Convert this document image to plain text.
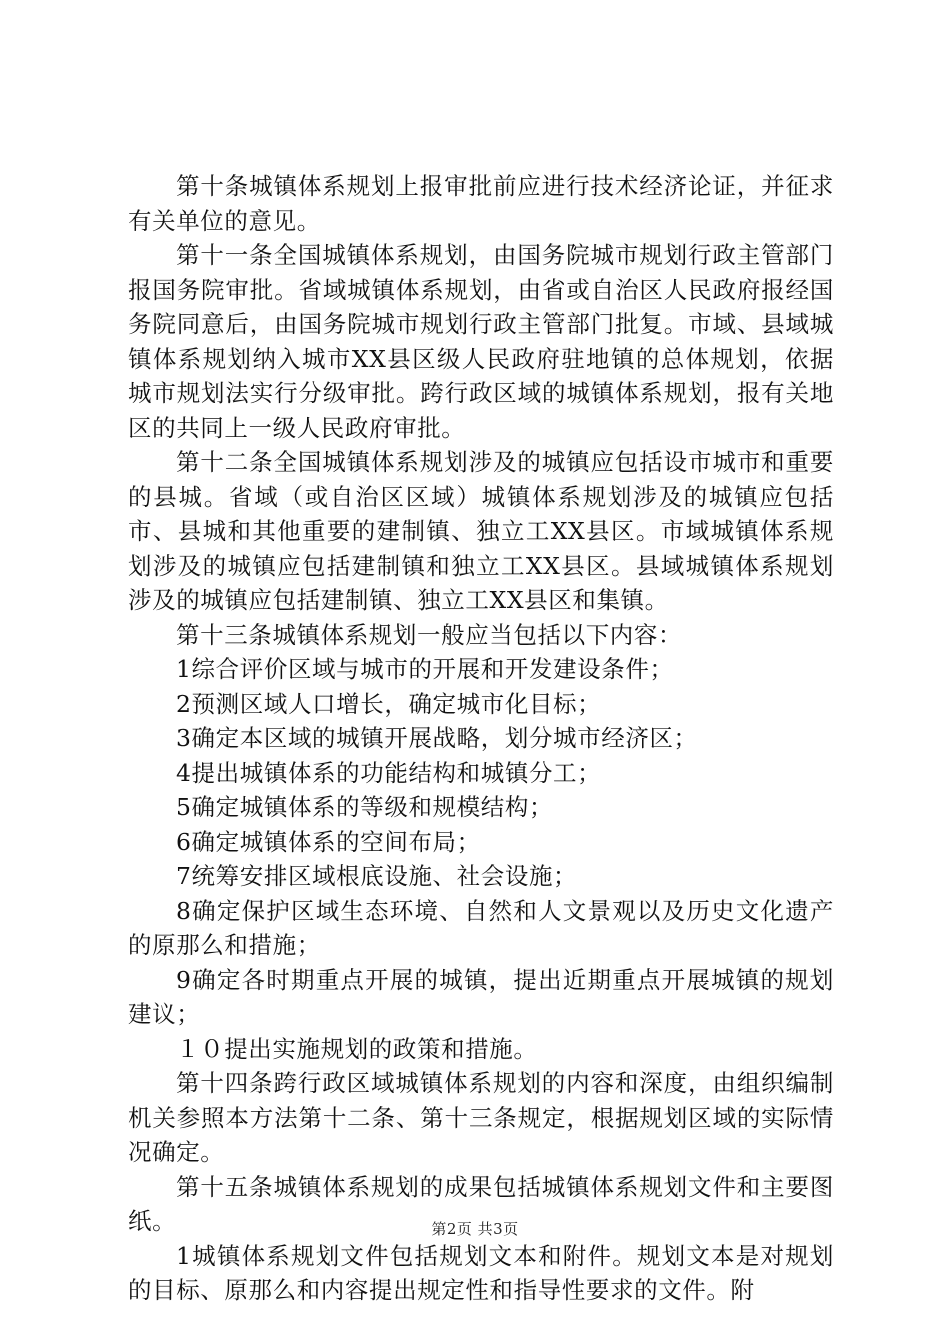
第十条城镇体系规划上报审批前应进行技术经济论证，并征求有关单位的意见。

第十一条全国城镇体系规划，由国务院城市规划行政主管部门报国务院审批。省域城镇体系规划，由省或自治区人民政府报经国务院同意后，由国务院城市规划行政主管部门批复。市域、县域城镇体系规划纳入城市XX县区级人民政府驻地镇的总体规划，依据城市规划法实行分级审批。跨行政区域的城镇体系规划，报有关地区的共同上一级人民政府审批。

第十二条全国城镇体系规划涉及的城镇应包括设市城市和重要的县城。省域（或自治区区域）城镇体系规划涉及的城镇应包括市、县城和其他重要的建制镇、独立工XX县区。市域城镇体系规划涉及的城镇应包括建制镇和独立工XX县区。县域城镇体系规划涉及的城镇应包括建制镇、独立工XX县区和集镇。

第十三条城镇体系规划一般应当包括以下内容：

1综合评价区域与城市的开展和开发建设条件；

2预测区域人口增长，确定城市化目标；

3确定本区域的城镇开展战略，划分城市经济区；

4提出城镇体系的功能结构和城镇分工；

5确定城镇体系的等级和规模结构；

6确定城镇体系的空间布局；

7统筹安排区域根底设施、社会设施；

8确定保护区域生态环境、自然和人文景观以及历史文化遗产的原那么和措施；

9确定各时期重点开展的城镇，提出近期重点开展城镇的规划建议；

１０提出实施规划的政策和措施。

第十四条跨行政区域城镇体系规划的内容和深度，由组织编制机关参照本方法第十二条、第十三条规定，根据规划区域的实际情况确定。

第十五条城镇体系规划的成果包括城镇体系规划文件和主要图纸。

1城镇体系规划文件包括规划文本和附件。规划文本是对规划的目标、原那么和内容提出规定性和指导性要求的文件。附

第2页 共3页
